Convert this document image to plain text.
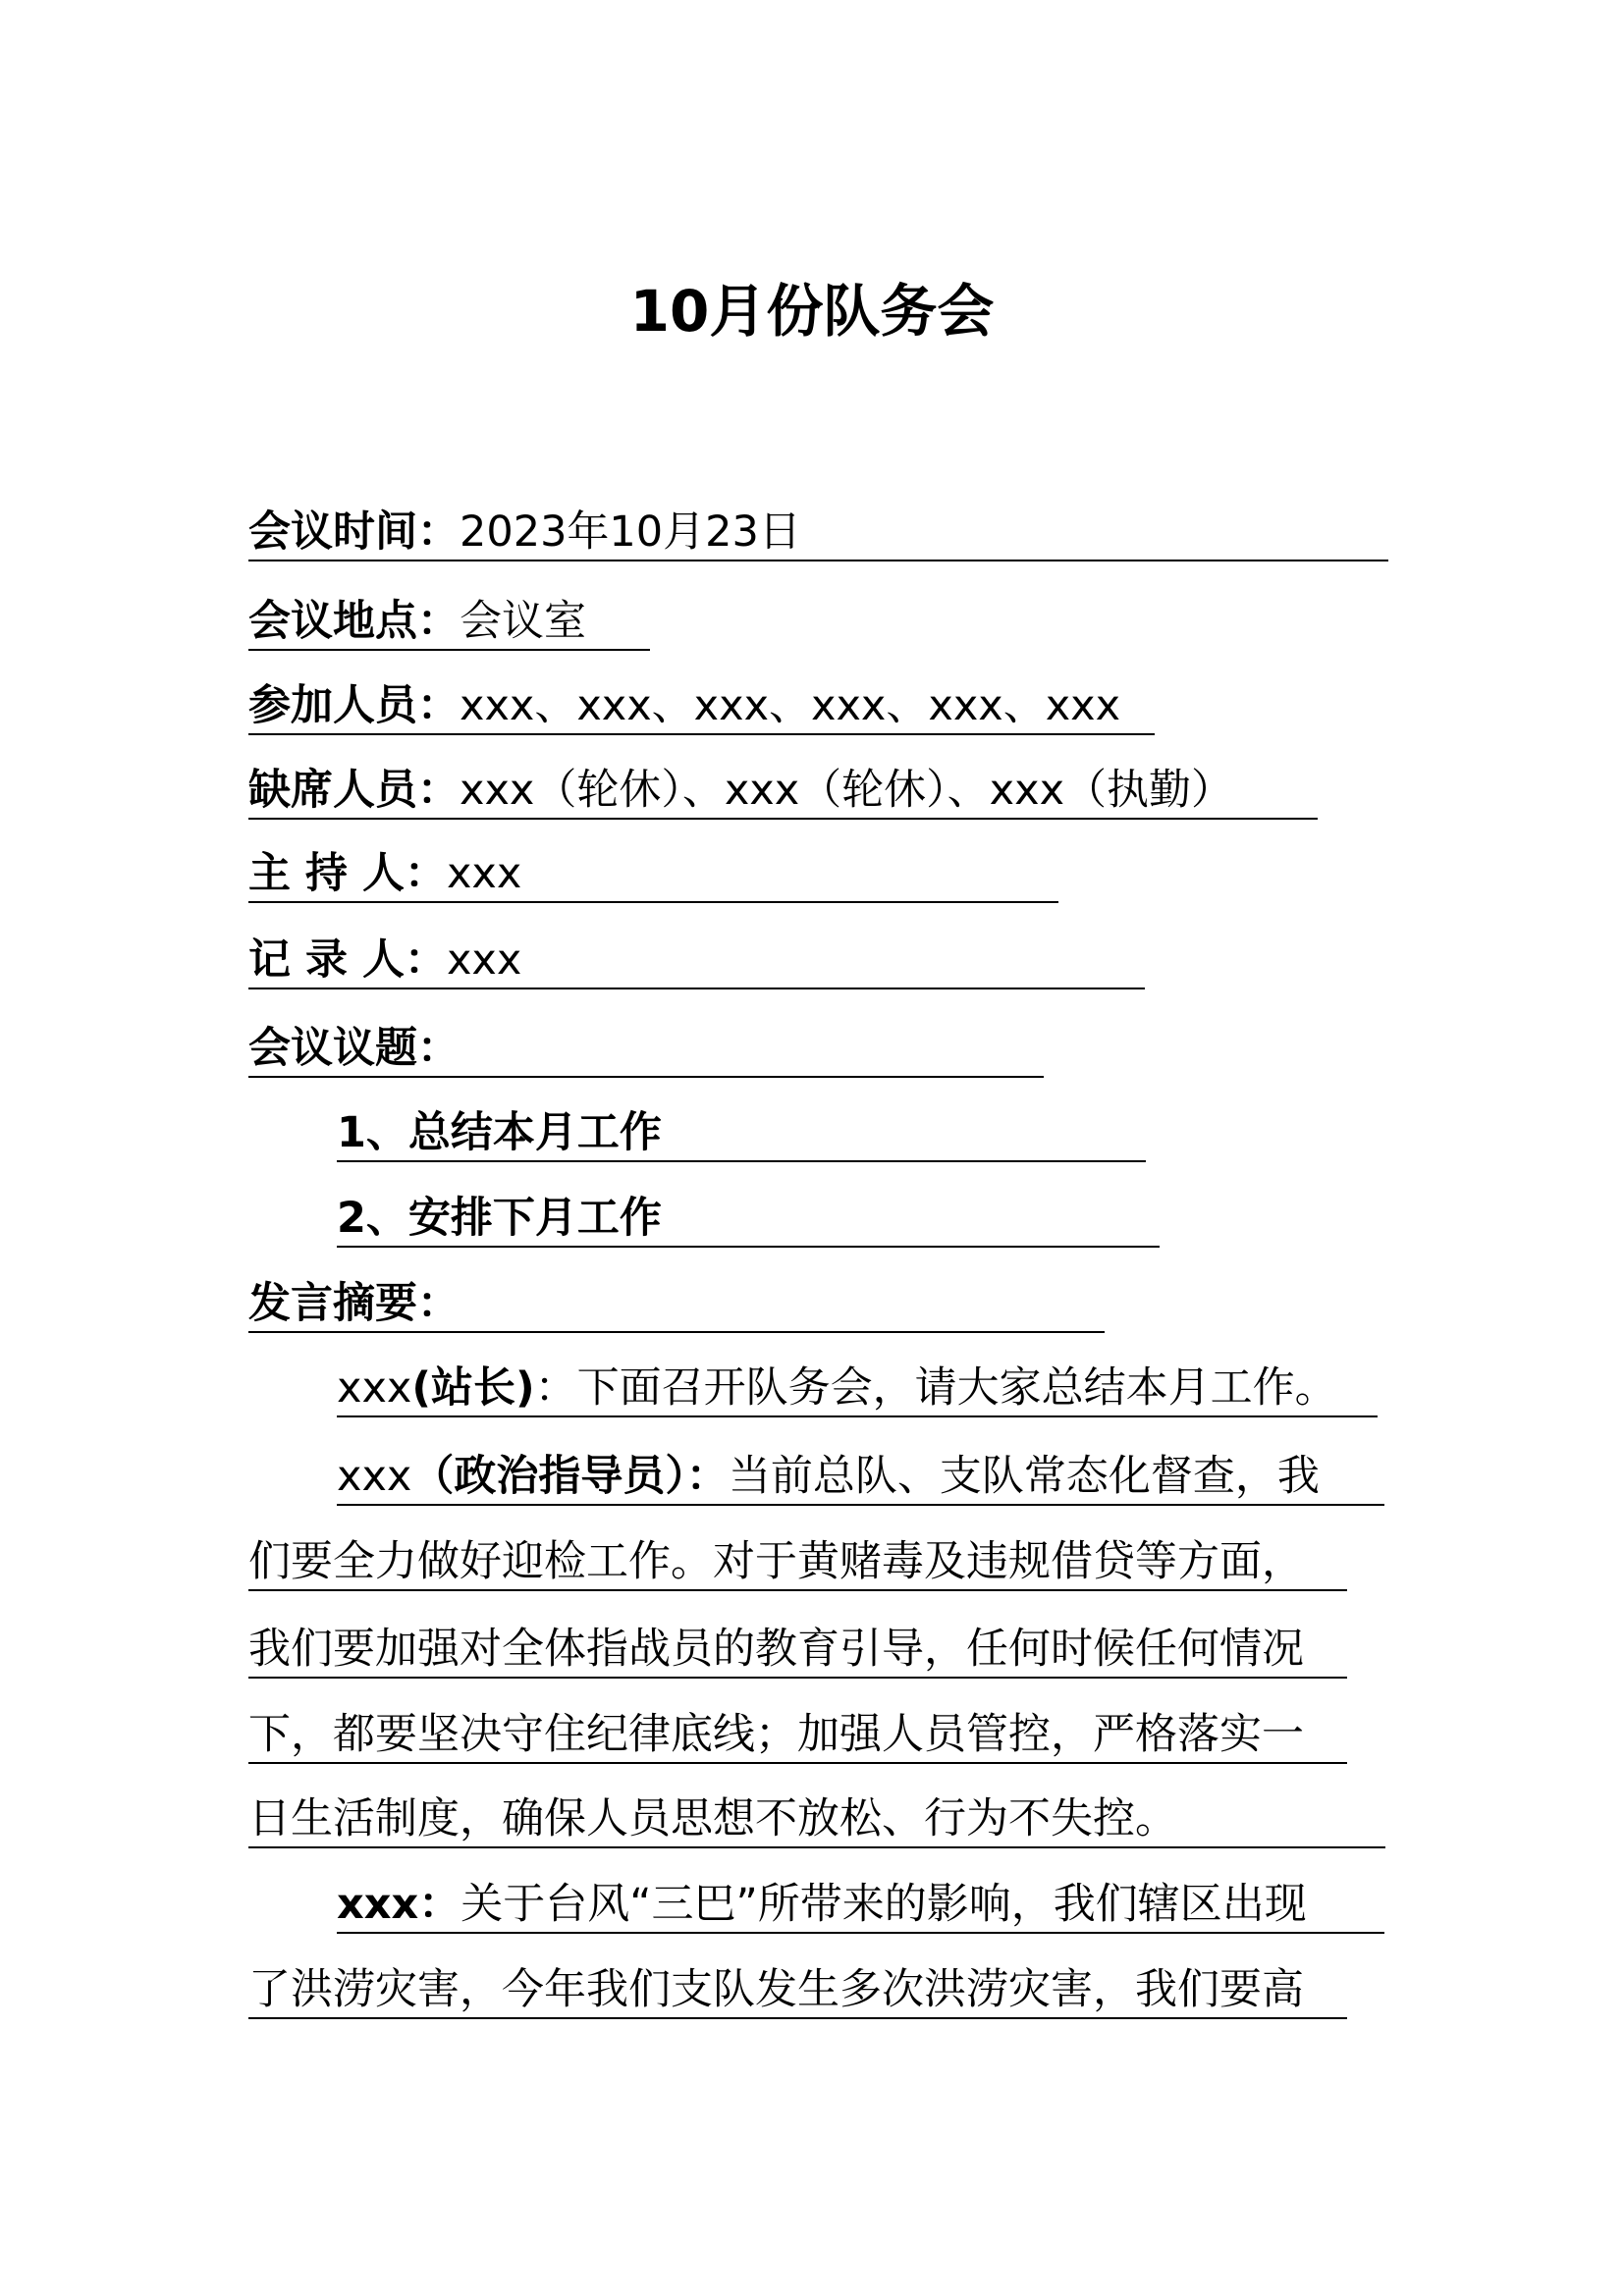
10月份队务会
会议时间：2023年10月23日
会议地点：会议室
参加人员：xxx、xxx、xxx、xxx、xxx、xxx
缺席人员：xxx（轮休）、xxx（轮休）、xxx（执勤）
主 持 人：xxx
记 录 人：xxx
会议议题：
1、总结本月工作
2、安排下月工作
发言摘要：
xxx(站长)：下面召开队务会，请大家总结本月工作。
xxx（政治指导员）：当前总队、支队常态化督查，我
们要全力做好迎检工作。对于黄赌毒及违规借贷等方面，
我们要加强对全体指战员的教育引导，任何时候任何情况
下，都要坚决守住纪律底线；加强人员管控，严格落实一
日生活制度，确保人员思想不放松、行为不失控。
xxx：关于台风“三巴”所带来的影响，我们辖区出现
了洪涝灾害，今年我们支队发生多次洪涝灾害，我们要高
